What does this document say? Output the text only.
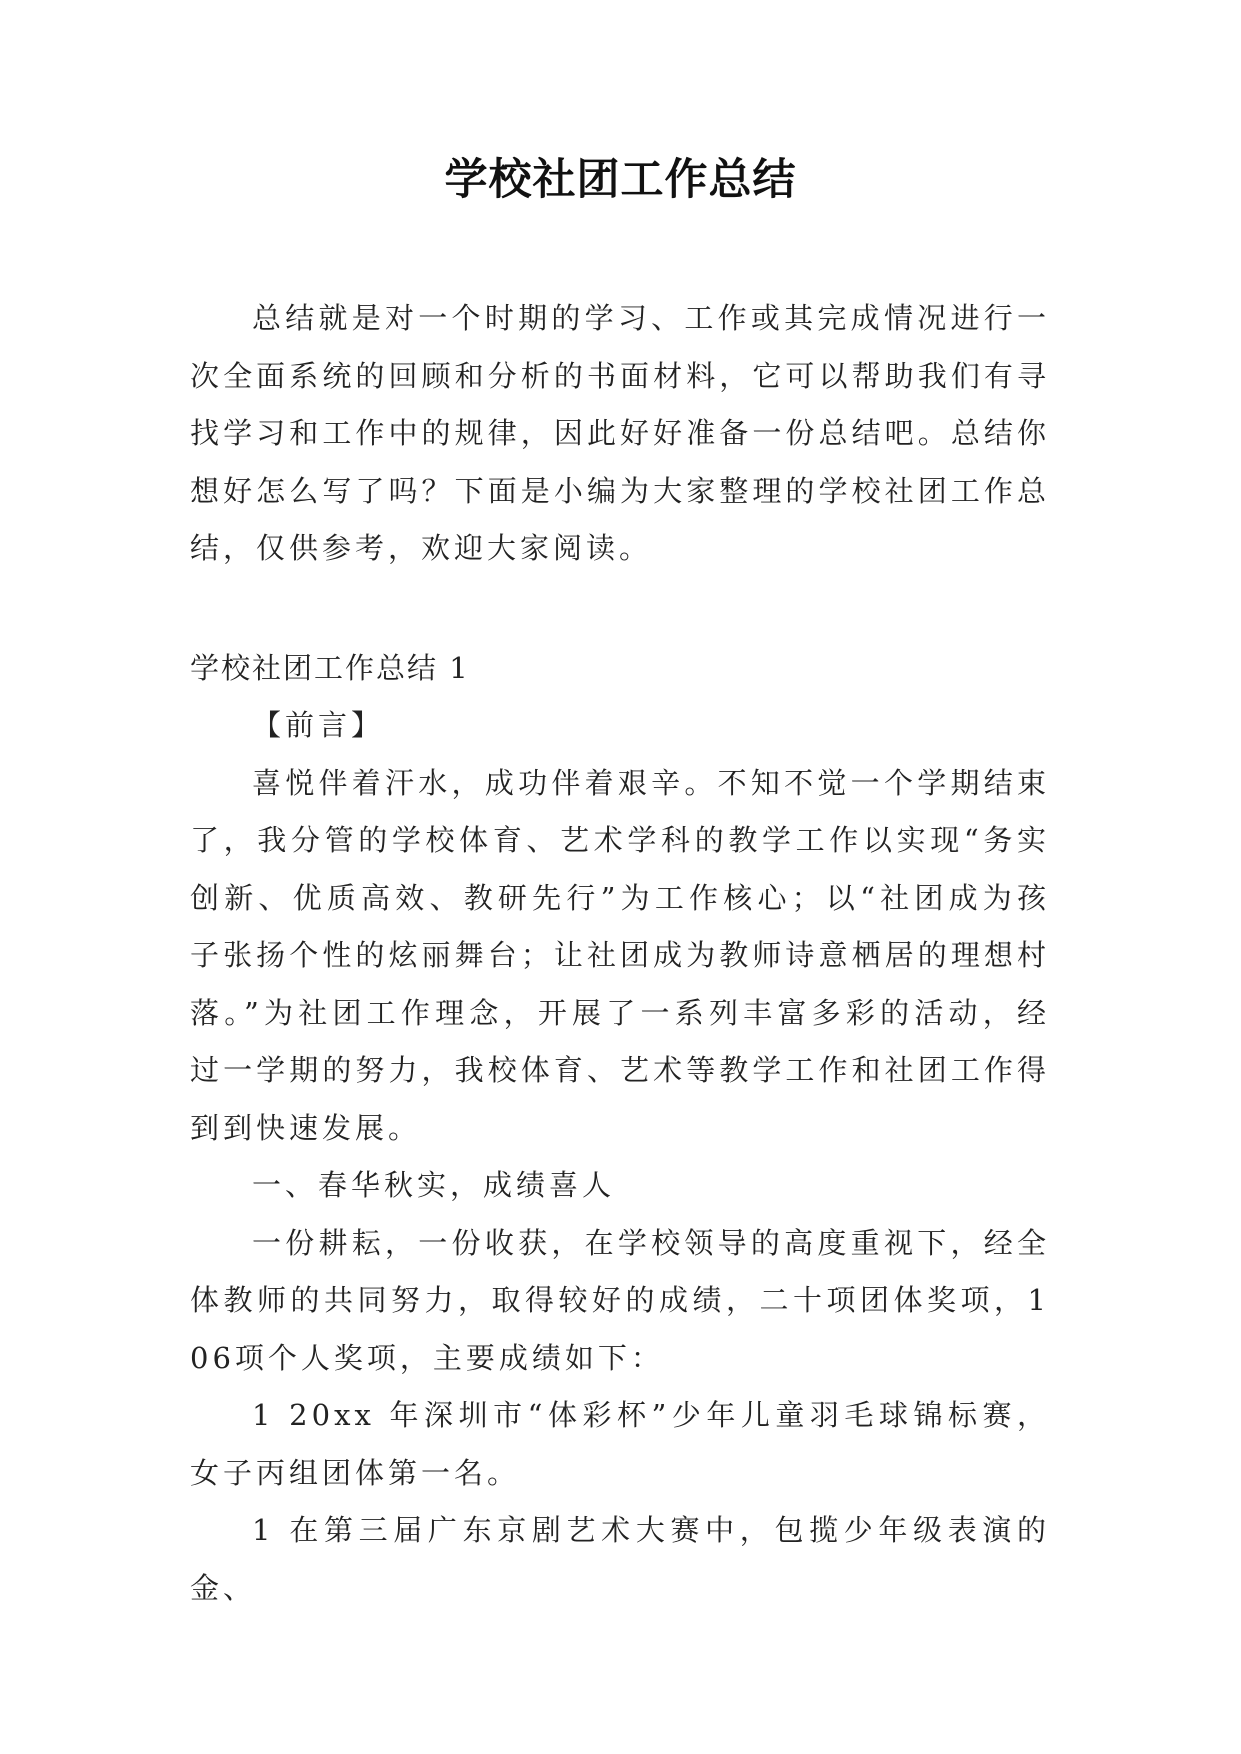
学校社团工作总结

总结就是对一个时期的学习、工作或其完成情况进行一次全面系统的回顾和分析的书面材料，它可以帮助我们有寻找学习和工作中的规律，因此好好准备一份总结吧。总结你想好怎么写了吗？下面是小编为大家整理的学校社团工作总结，仅供参考，欢迎大家阅读。

学校社团工作总结 1

【前言】

喜悦伴着汗水，成功伴着艰辛。不知不觉一个学期结束了，我分管的学校体育、艺术学科的教学工作以实现“务实创新、优质高效、教研先行”为工作核心；以“社团成为孩子张扬个性的炫丽舞台；让社团成为教师诗意栖居的理想村落。”为社团工作理念，开展了一系列丰富多彩的活动，经过一学期的努力，我校体育、艺术等教学工作和社团工作得到到快速发展。

一、春华秋实，成绩喜人

一份耕耘，一份收获，在学校领导的高度重视下，经全体教师的共同努力，取得较好的成绩，二十项团体奖项，106项个人奖项，主要成绩如下：

1 20xx 年深圳市“体彩杯”少年儿童羽毛球锦标赛，女子丙组团体第一名。

1 在第三届广东京剧艺术大赛中，包揽少年级表演的金、
